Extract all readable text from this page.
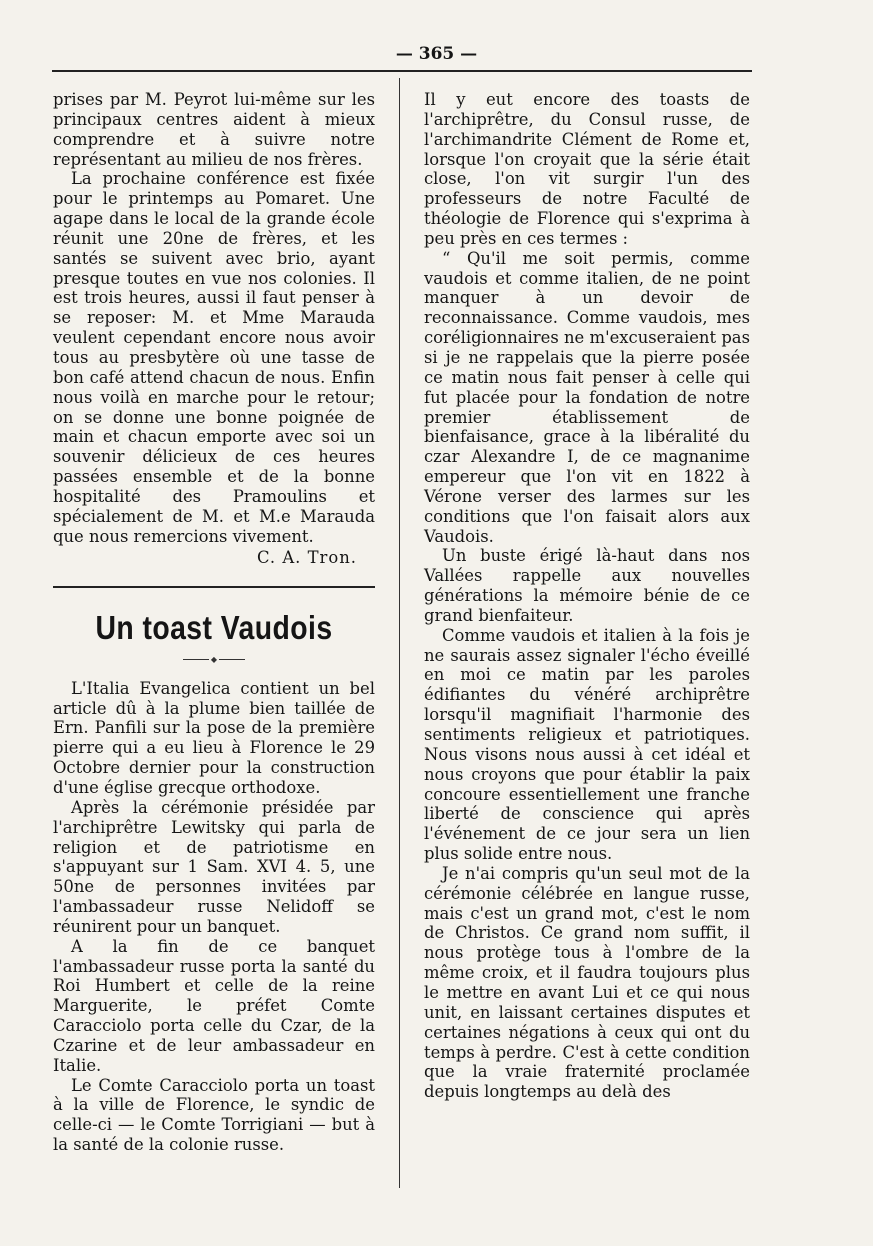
— 365 —

prises par M. Peyrot lui-même sur les principaux centres aident à mieux comprendre et à suivre notre représentant au milieu de nos frères.

La prochaine conférence est fixée pour le printemps au Pomaret. Une agape dans le local de la grande école réunit une 20ne de frères, et les santés se suivent avec brio, ayant presque toutes en vue nos colonies. Il est trois heures, aussi il faut penser à se reposer: M. et Mme Marauda veulent cependant encore nous avoir tous au presbytère où une tasse de bon café attend chacun de nous. Enfin nous voilà en marche pour le retour; on se donne une bonne poignée de main et chacun emporte avec soi un souvenir délicieux de ces heures passées ensemble et de la bonne hospitalité des Pramoulins et spécialement de M. et M.e Marauda que nous remercions vivement.

C. A. Tron.
Un toast Vaudois
◆

L'Italia Evangelica contient un bel article dû à la plume bien taillée de Ern. Panfili sur la pose de la première pierre qui a eu lieu à Florence le 29 Octobre dernier pour la construction d'une église grecque orthodoxe.

Après la cérémonie présidée par l'archiprêtre Lewitsky qui parla de religion et de patriotisme en s'appuyant sur 1 Sam. XVI 4. 5, une 50ne de personnes invitées par l'ambassadeur russe Nelidoff se réunirent pour un banquet.

A la fin de ce banquet l'ambassadeur russe porta la santé du Roi Humbert et celle de la reine Marguerite, le préfet Comte Caracciolo porta celle du Czar, de la Czarine et de leur ambassadeur en Italie.

Le Comte Caracciolo porta un toast à la ville de Florence, le syndic de celle-ci — le Comte Torrigiani — but à la santé de la colonie russe.

Il y eut encore des toasts de l'archiprêtre, du Consul russe, de l'archimandrite Clément de Rome et, lorsque l'on croyait que la série était close, l'on vit surgir l'un des professeurs de notre Faculté de théologie de Florence qui s'exprima à peu près en ces termes :

“ Qu'il me soit permis, comme vaudois et comme italien, de ne point manquer à un devoir de reconnaissance. Comme vaudois, mes coréligionnaires ne m'excuseraient pas si je ne rappelais que la pierre posée ce matin nous fait penser à celle qui fut placée pour la fondation de notre premier établissement de bienfaisance, grace à la libéralité du czar Alexandre I, de ce magnanime empereur que l'on vit en 1822 à Vérone verser des larmes sur les conditions que l'on faisait alors aux Vaudois.

Un buste érigé là-haut dans nos Vallées rappelle aux nouvelles générations la mémoire bénie de ce grand bienfaiteur.

Comme vaudois et italien à la fois je ne saurais assez signaler l'écho éveillé en moi ce matin par les paroles édifiantes du vénéré archiprêtre lorsqu'il magnifiait l'harmonie des sentiments religieux et patriotiques. Nous visons nous aussi à cet idéal et nous croyons que pour établir la paix concoure essentiellement une franche liberté de conscience qui après l'événement de ce jour sera un lien plus solide entre nous.

Je n'ai compris qu'un seul mot de la cérémonie célébrée en langue russe, mais c'est un grand mot, c'est le nom de Christos. Ce grand nom suffit, il nous protège tous à l'ombre de la même croix, et il faudra toujours plus le mettre en avant Lui et ce qui nous unit, en laissant certaines disputes et certaines négations à ceux qui ont du temps à perdre. C'est à cette condition que la vraie fraternité proclamée depuis longtemps au delà des
